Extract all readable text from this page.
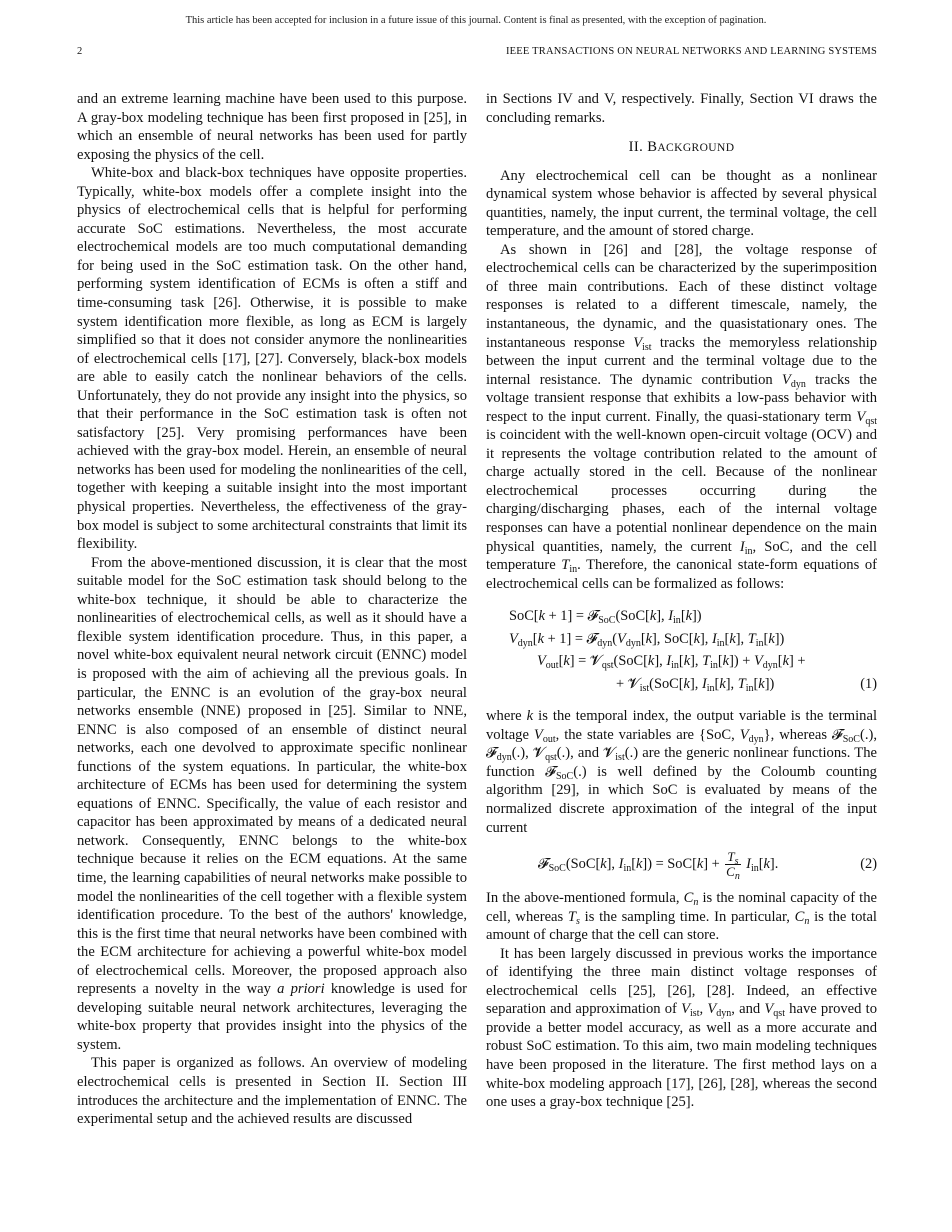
This article has been accepted for inclusion in a future issue of this journal. Content is final as presented, with the exception of pagination.
2	IEEE TRANSACTIONS ON NEURAL NETWORKS AND LEARNING SYSTEMS

and an extreme learning machine have been used to this purpose. A gray-box modeling technique has been first proposed in [25], in which an ensemble of neural networks has been used for partly exposing the physics of the cell.

White-box and black-box techniques have opposite properties. Typically, white-box models offer a complete insight into the physics of electrochemical cells that is helpful for performing accurate SoC estimations. Nevertheless, the most accurate electrochemical models are too much computational demanding for being used in the SoC estimation task. On the other hand, performing system identification of ECMs is often a stiff and time-consuming task [26]. Otherwise, it is possible to make system identification more flexible, as long as ECM is largely simplified so that it does not consider anymore the nonlinearities of electrochemical cells [17], [27]. Conversely, black-box models are able to easily catch the nonlinear behaviors of the cells. Unfortunately, they do not provide any insight into the physics, so that their performance in the SoC estimation task is often not satisfactory [25]. Very promising performances have been achieved with the gray-box model. Herein, an ensemble of neural networks has been used for modeling the nonlinearities of the cell, together with keeping a suitable insight into the most important physical properties. Nevertheless, the effectiveness of the gray-box model is subject to some architectural constraints that limit its flexibility.

From the above-mentioned discussion, it is clear that the most suitable model for the SoC estimation task should belong to the white-box technique, it should be able to characterize the nonlinearities of electrochemical cells, as well as it should have a flexible system identification procedure. Thus, in this paper, a novel white-box equivalent neural network circuit (ENNC) model is proposed with the aim of achieving all the previous goals. In particular, the ENNC is an evolution of the gray-box neural networks ensemble (NNE) proposed in [25]. Similar to NNE, ENNC is also composed of an ensemble of distinct neural networks, each one devolved to approximate specific nonlinear functions of the system equations. In particular, the white-box architecture of ECMs has been used for determining the system equations of ENNC. Specifically, the value of each resistor and capacitor has been approximated by means of a dedicated neural network. Consequently, ENNC belongs to the white-box technique because it relies on the ECM equations. At the same time, the learning capabilities of neural networks make possible to model the nonlinearities of the cell together with a flexible system identification procedure. To the best of the authors' knowledge, this is the first time that neural networks have been combined with the ECM architecture for achieving a powerful white-box model of electrochemical cells. Moreover, the proposed approach also represents a novelty in the way a priori knowledge is used for developing suitable neural network architectures, leveraging the white-box property that provides insight into the physics of the system.

This paper is organized as follows. An overview of modeling electrochemical cells is presented in Section II. Section III introduces the architecture and the implementation of ENNC. The experimental setup and the achieved results are discussed

in Sections IV and V, respectively. Finally, Section VI draws the concluding remarks.

II. BACKGROUND

Any electrochemical cell can be thought as a nonlinear dynamical system whose behavior is affected by several physical quantities, namely, the input current, the terminal voltage, the cell temperature, and the amount of stored charge.

As shown in [26] and [28], the voltage response of electrochemical cells can be characterized by the superimposition of three main contributions. Each of these distinct voltage responses is related to a different timescale, namely, the instantaneous, the dynamic, and the quasistationary ones. The instantaneous response $V_{ist}$ tracks the memoryless relationship between the input current and the terminal voltage due to the internal resistance. The dynamic contribution $V_{dyn}$ tracks the voltage transient response that exhibits a low-pass behavior with respect to the input current. Finally, the quasi-stationary term $V_{qst}$ is coincident with the well-known open-circuit voltage (OCV) and it represents the voltage contribution related to the amount of charge actually stored in the cell. Because of the nonlinear electrochemical processes occurring during the charging/discharging phases, each of the internal voltage responses can have a potential nonlinear dependence on the main physical quantities, namely, the current $I_{in}$, SoC, and the cell temperature $T_{in}$. Therefore, the canonical state-form equations of electrochemical cells can be formalized as follows:

SoC[k + 1] = 𝓕$_{SoC}$(SoC[k], $I_{in}[k]$)
$V_{dyn}[k + 1]$ = $𝓕_{dyn}(V_{dyn}[k]$, SoC[k], $I_{in}[k]$, $T_{in}[k]$)
$V_{out}[k]$ = 𝓥$_{qst}$(SoC[k], $I_{in}[k]$, $T_{in}[k]) + V_{dyn}[k]$ +
+ 𝓥$_{ist}$(SoC[k], $I_{in}[k]$, $T_{in}[k]$)	(1)

where k is the temporal index, the output variable is the terminal voltage $V_{out}$, the state variables are {SoC, $V_{dyn}$}, whereas 𝓕$_{SoC}$(.), 𝓕$_{dyn}$(.), 𝓥$_{qst}$(.), and 𝓥$_{ist}$(.) are the generic nonlinear functions. The function 𝓕$_{SoC}$(.) is well defined by the Coloumb counting algorithm [29], in which SoC is evaluated by means of the normalized discrete approximation of the integral of the input current

𝓕$_{SoC}$(SoC[k], $I_{in}[k]) = SoC[k] + \frac{T_s}{C_n} I_{in}[k]$.	(2)

In the above-mentioned formula, $C_n$ is the nominal capacity of the cell, whereas $T_s$ is the sampling time. In particular, $C_n$ is the total amount of charge that the cell can store.

It has been largely discussed in previous works the importance of identifying the three main distinct voltage responses of electrochemical cells [25], [26], [28]. Indeed, an effective separation and approximation of $V_{ist}$, $V_{dyn}$, and $V_{qst}$ have proved to provide a better model accuracy, as well as a more accurate and robust SoC estimation. To this aim, two main modeling techniques have been proposed in the literature. The first method lays on a white-box modeling approach [17], [26], [28], whereas the second one uses a gray-box technique [25].
